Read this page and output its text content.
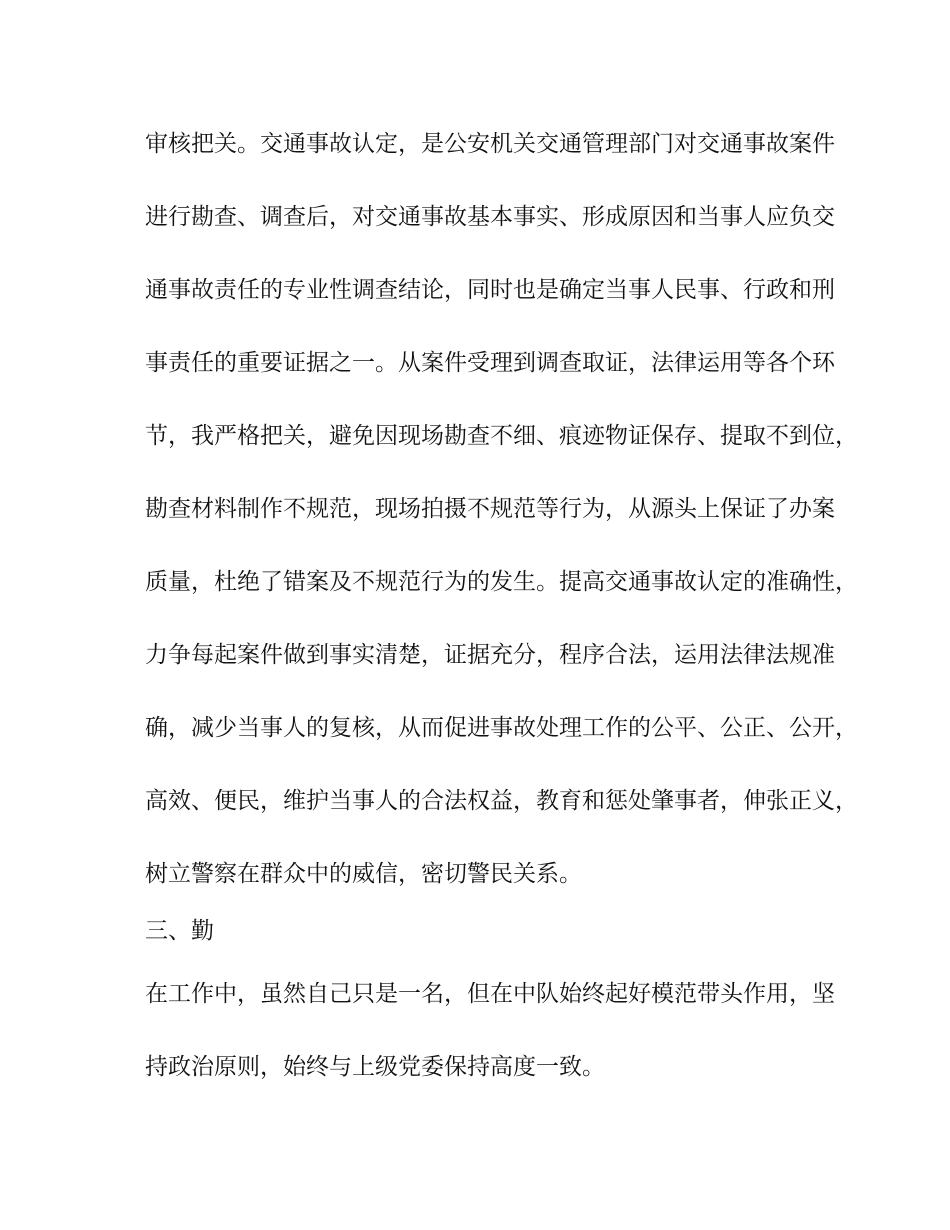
审核把关。交通事故认定，是公安机关交通管理部门对交通事故案件

进行勘查、调查后，对交通事故基本事实、形成原因和当事人应负交

通事故责任的专业性调查结论，同时也是确定当事人民事、行政和刑

事责任的重要证据之一。从案件受理到调查取证，法律运用等各个环

节，我严格把关，避免因现场勘查不细、痕迹物证保存、提取不到位，

勘查材料制作不规范，现场拍摄不规范等行为，从源头上保证了办案

质量，杜绝了错案及不规范行为的发生。提高交通事故认定的准确性，

力争每起案件做到事实清楚，证据充分，程序合法，运用法律法规准

确，减少当事人的复核，从而促进事故处理工作的公平、公正、公开，

高效、便民，维护当事人的合法权益，教育和惩处肇事者，伸张正义，

树立警察在群众中的威信，密切警民关系。

三、勤

在工作中，虽然自己只是一名，但在中队始终起好模范带头作用，坚

持政治原则，始终与上级党委保持高度一致。
